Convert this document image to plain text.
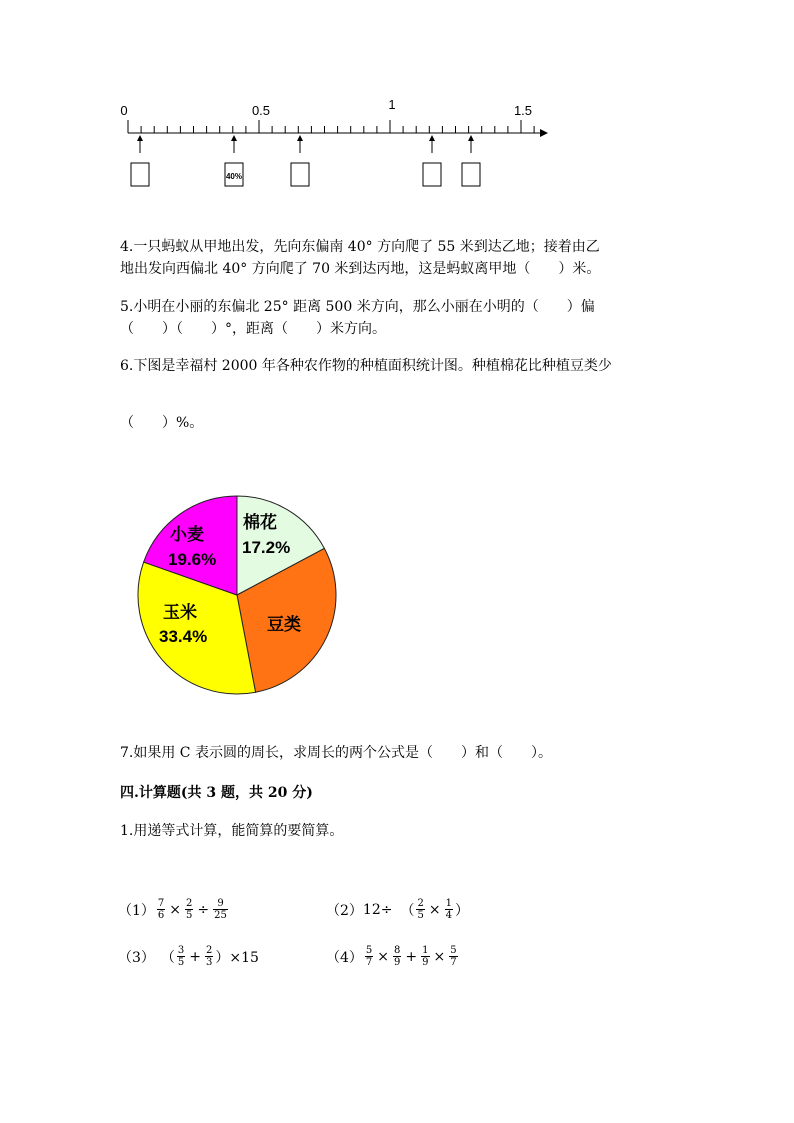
0	0.5	1	1.5
40%
4.一只蚂蚁从甲地出发，先向东偏南 40° 方向爬了 55 米到达乙地；接着由乙
地出发向西偏北 40° 方向爬了 70 米到达丙地，这是蚂蚁离甲地（　　）米。
5.小明在小丽的东偏北 25° 距离 500 米方向，那么小丽在小明的（　　）偏
（　　）（　　）°，距离（　　）米方向。
6.下图是幸福村 2000 年各种农作物的种植面积统计图。种植棉花比种植豆类少
（　　）%。
棉花
17.2%
豆类
玉米
33.4%
小麦
19.6%
7.如果用 C 表示圆的周长，求周长的两个公式是（　　）和（　　）。
四.计算题(共 3 题，共 20 分)
1.用递等式计算，能简算的要简算。
$(1) \frac{7}{6} \times \frac{2}{5} \div \frac{9}{25}$	（2） 12÷ （ $\frac{2}{5} \times \frac{1}{4}$ ）
（3） （ $\frac{3}{5} + \frac{2}{3} )\times 15$	$(4) \frac{5}{7} \times \frac{8}{9} + \frac{1}{9} \times \frac{5}{7}$
